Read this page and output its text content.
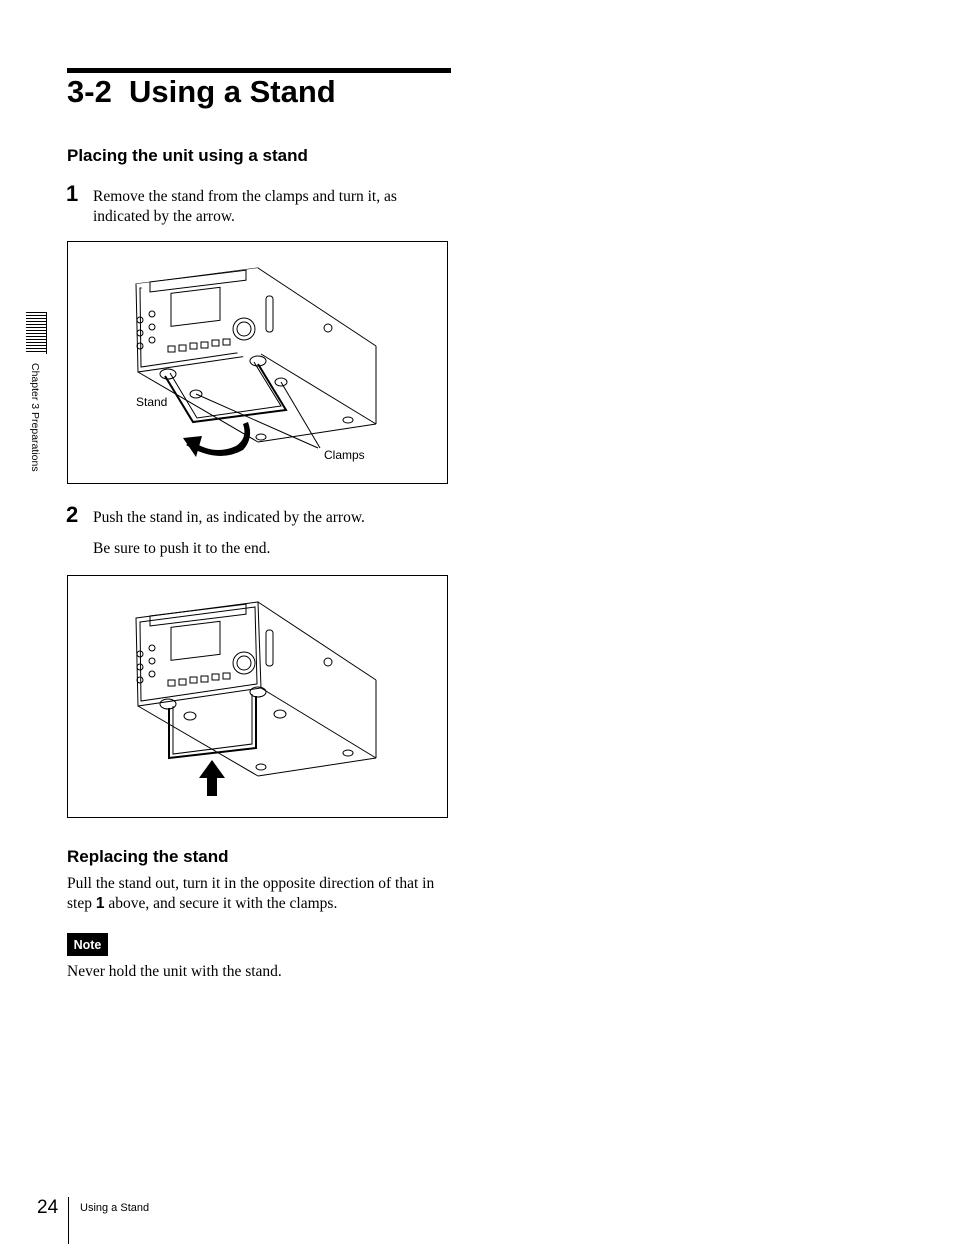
3-2 Using a Stand
Placing the unit using a stand
1 Remove the stand from the clamps and turn it, as indicated by the arrow.
Stand
Clamps
2 Push the stand in, as indicated by the arrow.
Be sure to push it to the end.
Replacing the stand
Pull the stand out, turn it in the opposite direction of that in step 1 above, and secure it with the clamps.
Note
Never hold the unit with the stand.
Chapter 3 Preparations
24 Using a Stand
